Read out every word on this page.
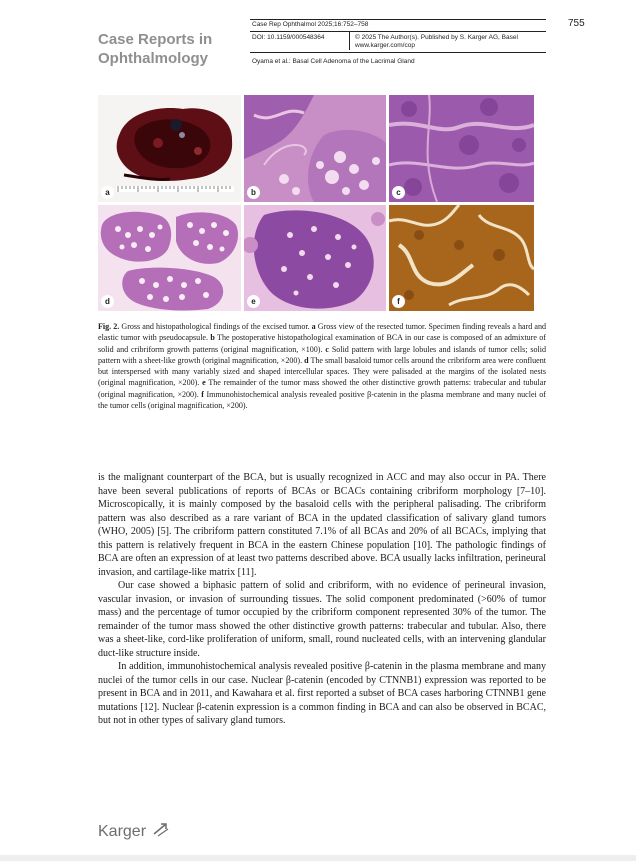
Case Reports in
Ophthalmology
Case Rep Ophthalmol 2025;16:752–758
DOI: 10.1159/000548364	© 2025 The Author(s). Published by S. Karger AG, Basel
www.karger.com/cop
Oyama et al.: Basal Cell Adenoma of the Lacrimal Gland
755
a	b	c
d	e	f
Fig. 2. Gross and histopathological findings of the excised tumor. a Gross view of the resected tumor. Specimen finding reveals a hard and elastic tumor with pseudocapsule. b The postoperative histopathological examination of BCA in our case is composed of an admixture of solid and cribriform growth patterns (original magnification, ×100). c Solid pattern with large lobules and islands of tumor cells; solid pattern with a sheet-like growth (original magnification, ×200). d The small basaloid tumor cells around the cribriform area were confluent but interspersed with many variably sized and shaped intercellular spaces. They were palisaded at the margins of the isolated nests (original magnification, ×200). e The remainder of the tumor mass showed the other distinctive growth patterns: trabecular and tubular (original magnification, ×200). f Immunohistochemical analysis revealed positive β-catenin in the plasma membrane and many nuclei of the tumor cells (original magnification, ×200).

is the malignant counterpart of the BCA, but is usually recognized in ACC and may also occur in PA. There have been several publications of reports of BCAs or BCACs containing cribriform morphology [7–10]. Microscopically, it is mainly composed by the basaloid cells with the peripheral palisading. The cribriform pattern was also described as a rare variant of BCA in the updated classification of salivary gland tumors (WHO, 2005) [5]. The cribriform pattern constituted 7.1% of all BCAs and 20% of all BCACs, implying that this pattern is relatively frequent in BCA in the eastern Chinese population [10]. The pathologic findings of BCA are often an expression of at least two patterns described above. BCA usually lacks infiltration, perineural invasion, and cartilage-like matrix [11].

Our case showed a biphasic pattern of solid and cribriform, with no evidence of perineural invasion, vascular invasion, or invasion of surrounding tissues. The solid component predominated (>60% of tumor mass) and the percentage of tumor occupied by the cribriform component represented 30% of the tumor. The remainder of the tumor mass showed the other distinctive growth patterns: trabecular and tubular. Also, there was a sheet-like, cord-like proliferation of uniform, small, round nucleated cells, with an intervening glandular duct-like structure inside.

In addition, immunohistochemical analysis revealed positive β-catenin in the plasma membrane and many nuclei of the tumor cells in our case. Nuclear β-catenin (encoded by CTNNB1) expression was reported to be present in BCA and in 2011, and Kawahara et al. first reported a subset of BCA cases harboring CTNNB1 gene mutations [12]. Nuclear β-catenin expression is a common finding in BCA and can also be observed in BCAC, but not in other types of salivary gland tumors.

Karger
